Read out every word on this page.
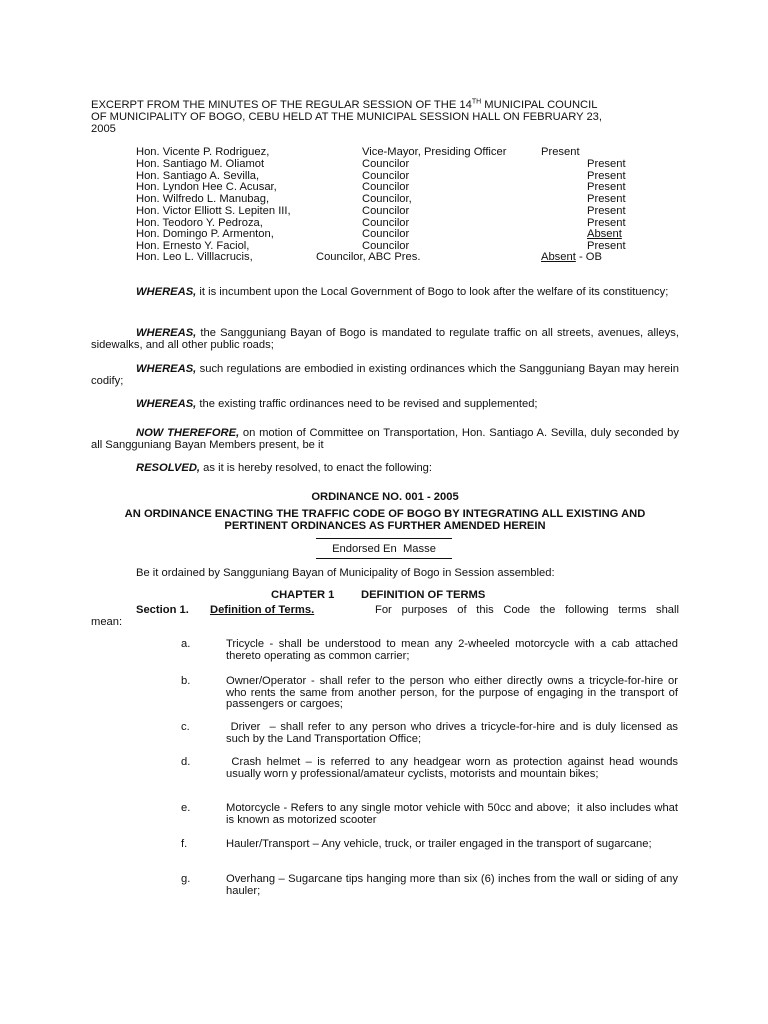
EXCERPT FROM THE MINUTES OF THE REGULAR SESSION OF THE 14TH MUNICIPAL COUNCIL
OF MUNICIPALITY OF BOGO, CEBU HELD AT THE MUNICIPAL SESSION HALL ON FEBRUARY 23,
2005
Hon. Vicente P. Rodriguez,	Vice-Mayor, Presiding Officer	Present
Hon. Santiago M. Oliamot	Councilor	Present
Hon. Santiago A. Sevilla,	Councilor	Present
Hon. Lyndon Hee C. Acusar,	Councilor	Present
Hon. Wilfredo L. Manubag,	Councilor,	Present
Hon. Victor Elliott S. Lepiten III,	Councilor	Present
Hon. Teodoro Y. Pedroza,	Councilor	Present
Hon. Domingo P. Armenton,	Councilor	Absent
Hon. Ernesto Y. Faciol,	Councilor	Present
Hon. Leo L. Villlacrucis,	Councilor, ABC Pres.	Absent - OB
WHEREAS, it is incumbent upon the Local Government of Bogo to look after the welfare of its constituency;
WHEREAS, the Sangguniang Bayan of Bogo is mandated to regulate traffic on all streets, avenues, alleys, sidewalks, and all other public roads;
WHEREAS, such regulations are embodied in existing ordinances which the Sangguniang Bayan may herein codify;
WHEREAS, the existing traffic ordinances need to be revised and supplemented;
NOW THEREFORE, on motion of Committee on Transportation, Hon. Santiago A. Sevilla, duly seconded by all Sangguniang Bayan Members present, be it
RESOLVED, as it is hereby resolved, to enact the following:
ORDINANCE NO. 001 - 2005
AN ORDINANCE ENACTING THE TRAFFIC CODE OF BOGO BY INTEGRATING ALL EXISTING AND
PERTINENT ORDINANCES AS FURTHER AMENDED HEREIN
Endorsed En  Masse
Be it ordained by Sangguniang Bayan of Municipality of Bogo in Session assembled:
CHAPTER 1 DEFINITION OF TERMS
Section 1. Definition of Terms.	For purposes of this Code the following terms shall
mean:
a.	Tricycle - shall be understood to mean any 2-wheeled motorcycle with a cab attached thereto operating as common carrier;
b.	Owner/Operator - shall refer to the person who either directly owns a tricycle-for-hire or who rents the same from another person, for the purpose of engaging in the transport of passengers or cargoes;
c.	Driver  – shall refer to any person who drives a tricycle-for-hire and is duly licensed as such by the Land Transportation Office;
d.	Crash helmet – is referred to any headgear worn as protection against head wounds usually worn y professional/amateur cyclists, motorists and mountain bikes;
e.	Motorcycle - Refers to any single motor vehicle with 50cc and above;  it also includes what is known as motorized scooter
f.	Hauler/Transport – Any vehicle, truck, or trailer engaged in the transport of sugarcane;
g.	Overhang – Sugarcane tips hanging more than six (6) inches from the wall or siding of any hauler;
